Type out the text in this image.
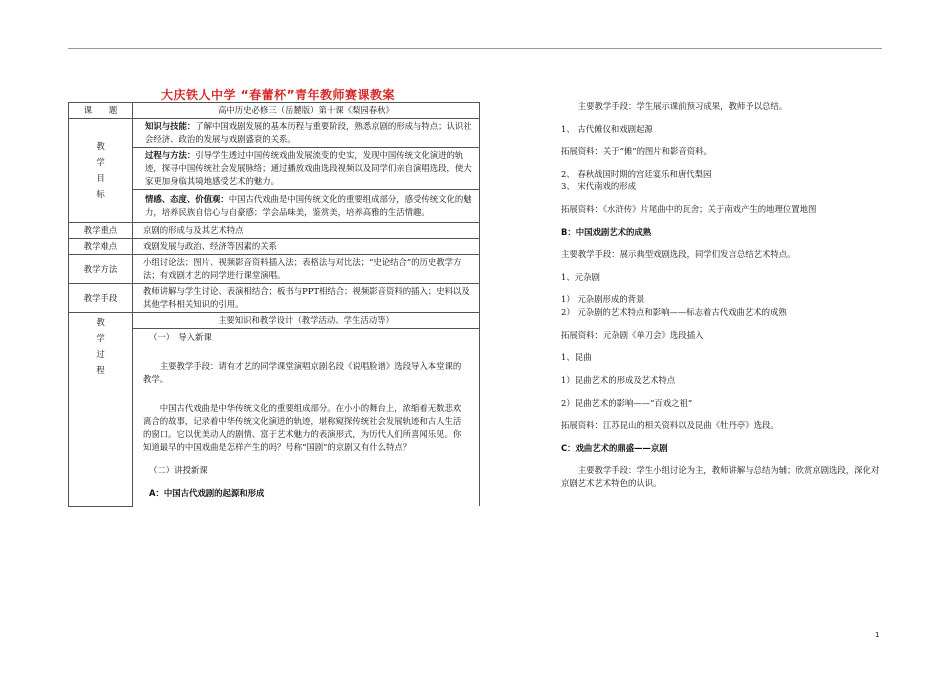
大庆铁人中学 “春蕾杯”青年教师赛课教案
课　　题	高中历史必修三（岳麓版）第十课《梨园春秋》
教
学
目
标	知识与技能：了解中国戏剧发展的基本历程与重要阶段，熟悉京剧的形成与特点；认识社会经济、政治的发展与戏剧盛衰的关系。
	过程与方法：引导学生透过中国传统戏曲发展流变的史实，发现中国传统文化演进的轨迹，探寻中国传统社会发展脉络；通过播放戏曲选段视频以及同学们亲自演唱选段，使大家更加身临其境地感受艺术的魅力。
	情感、态度、价值观：中国古代戏曲是中国传统文化的重要组成部分，感受传统文化的魅力，培养民族自信心与自豪感；学会品味美，鉴赏美，培养高雅的生活情趣。
教学重点	京剧的形成与及其艺术特点
教学难点	戏剧发展与政治、经济等因素的关系
教学方法	小组讨论法；图片、视频影音资料插入法；表格法与对比法；“史论结合”的历史教学方法；有戏剧才艺的同学进行课堂演唱。
教学手段	教师讲解与学生讨论、表演相结合；板书与PPT相结合；视频影音资料的插入；史料以及其他学科相关知识的引用。
教
学
过
程	主要知识和教学设计（教学活动、学生活动等）

	（一）　导入新课

主要教学手段：请有才艺的同学课堂演唱京剧名段《说唱脸谱》选段导入本堂课的教学。

中国古代戏曲是中华传统文化的重要组成部分。在小小的舞台上，浓缩着无数悲欢离合的故事，记录着中华传统文化演进的轨迹，堪称窥探传统社会发展轨迹和古人生活的窗口。它以优美动人的剧情、富于艺术魅力的表演形式，为历代人们所喜闻乐见。你知道最早的中国戏曲是怎样产生的吗？号称“国剧”的京剧又有什么特点？

（二）讲授新课

A：中国古代戏剧的起源和形成

主要教学手段：学生展示课前预习成果，教师予以总结。

1、 古代傩仪和戏剧起源

拓展资料：关于“傩”的图片和影音资料。

2、 春秋战国时期的宫廷宴乐和唐代梨园

3、 宋代南戏的形成

拓展资料：《水浒传》片尾曲中的瓦舍；关于南戏产生的地理位置地图

B：中国戏剧艺术的成熟

主要教学手段：展示典型戏剧选段，同学们发言总结艺术特点。

1、元杂剧

1） 元杂剧形成的背景

2） 元杂剧的艺术特点和影响——标志着古代戏曲艺术的成熟

拓展资料：元杂剧《单刀会》选段插入

1、昆曲

1）昆曲艺术的形成及艺术特点

2）昆曲艺术的影响——“百戏之祖”

拓展资料：江苏昆山的相关资料以及昆曲《牡丹亭》选段。

C：戏曲艺术的鼎盛——京剧

主要教学手段：学生小组讨论为主，教师讲解与总结为辅；欣赏京剧选段，深化对京剧艺术艺术特色的认识。

1
